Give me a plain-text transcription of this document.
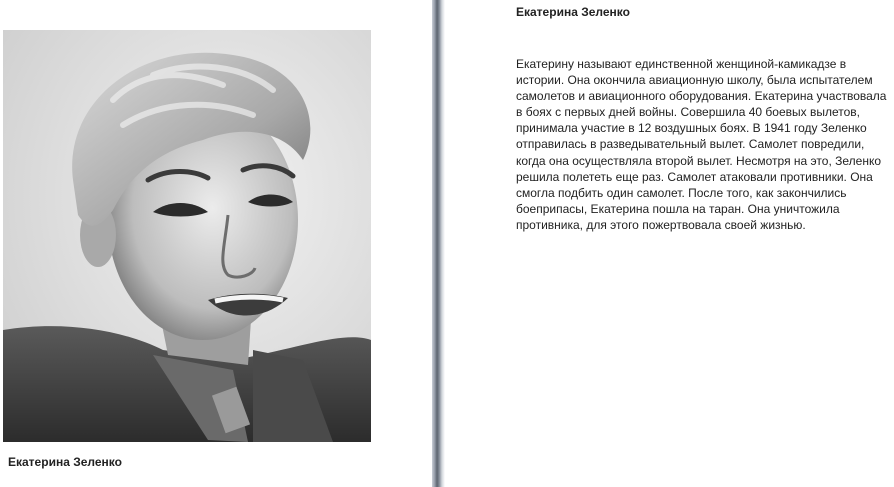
Екатерина Зеленко

Екатерина Зеленко

Екатерину называют единственной женщиной-камикадзе в истории. Она окончила авиационную школу, была испытателем самолетов и авиационного оборудования. Екатерина участвовала в боях с первых дней войны. Совершила 40 боевых вылетов, принимала участие в 12 воздушных боях. В 1941 году Зеленко отправилась в разведывательный вылет. Самолет повредили, когда она осуществляла второй вылет. Несмотря на это, Зеленко решила полететь еще раз. Самолет атаковали противники. Она смогла подбить один самолет. После того, как закончились боеприпасы, Екатерина пошла на таран. Она уничтожила противника, для этого пожертвовала своей жизнью.
